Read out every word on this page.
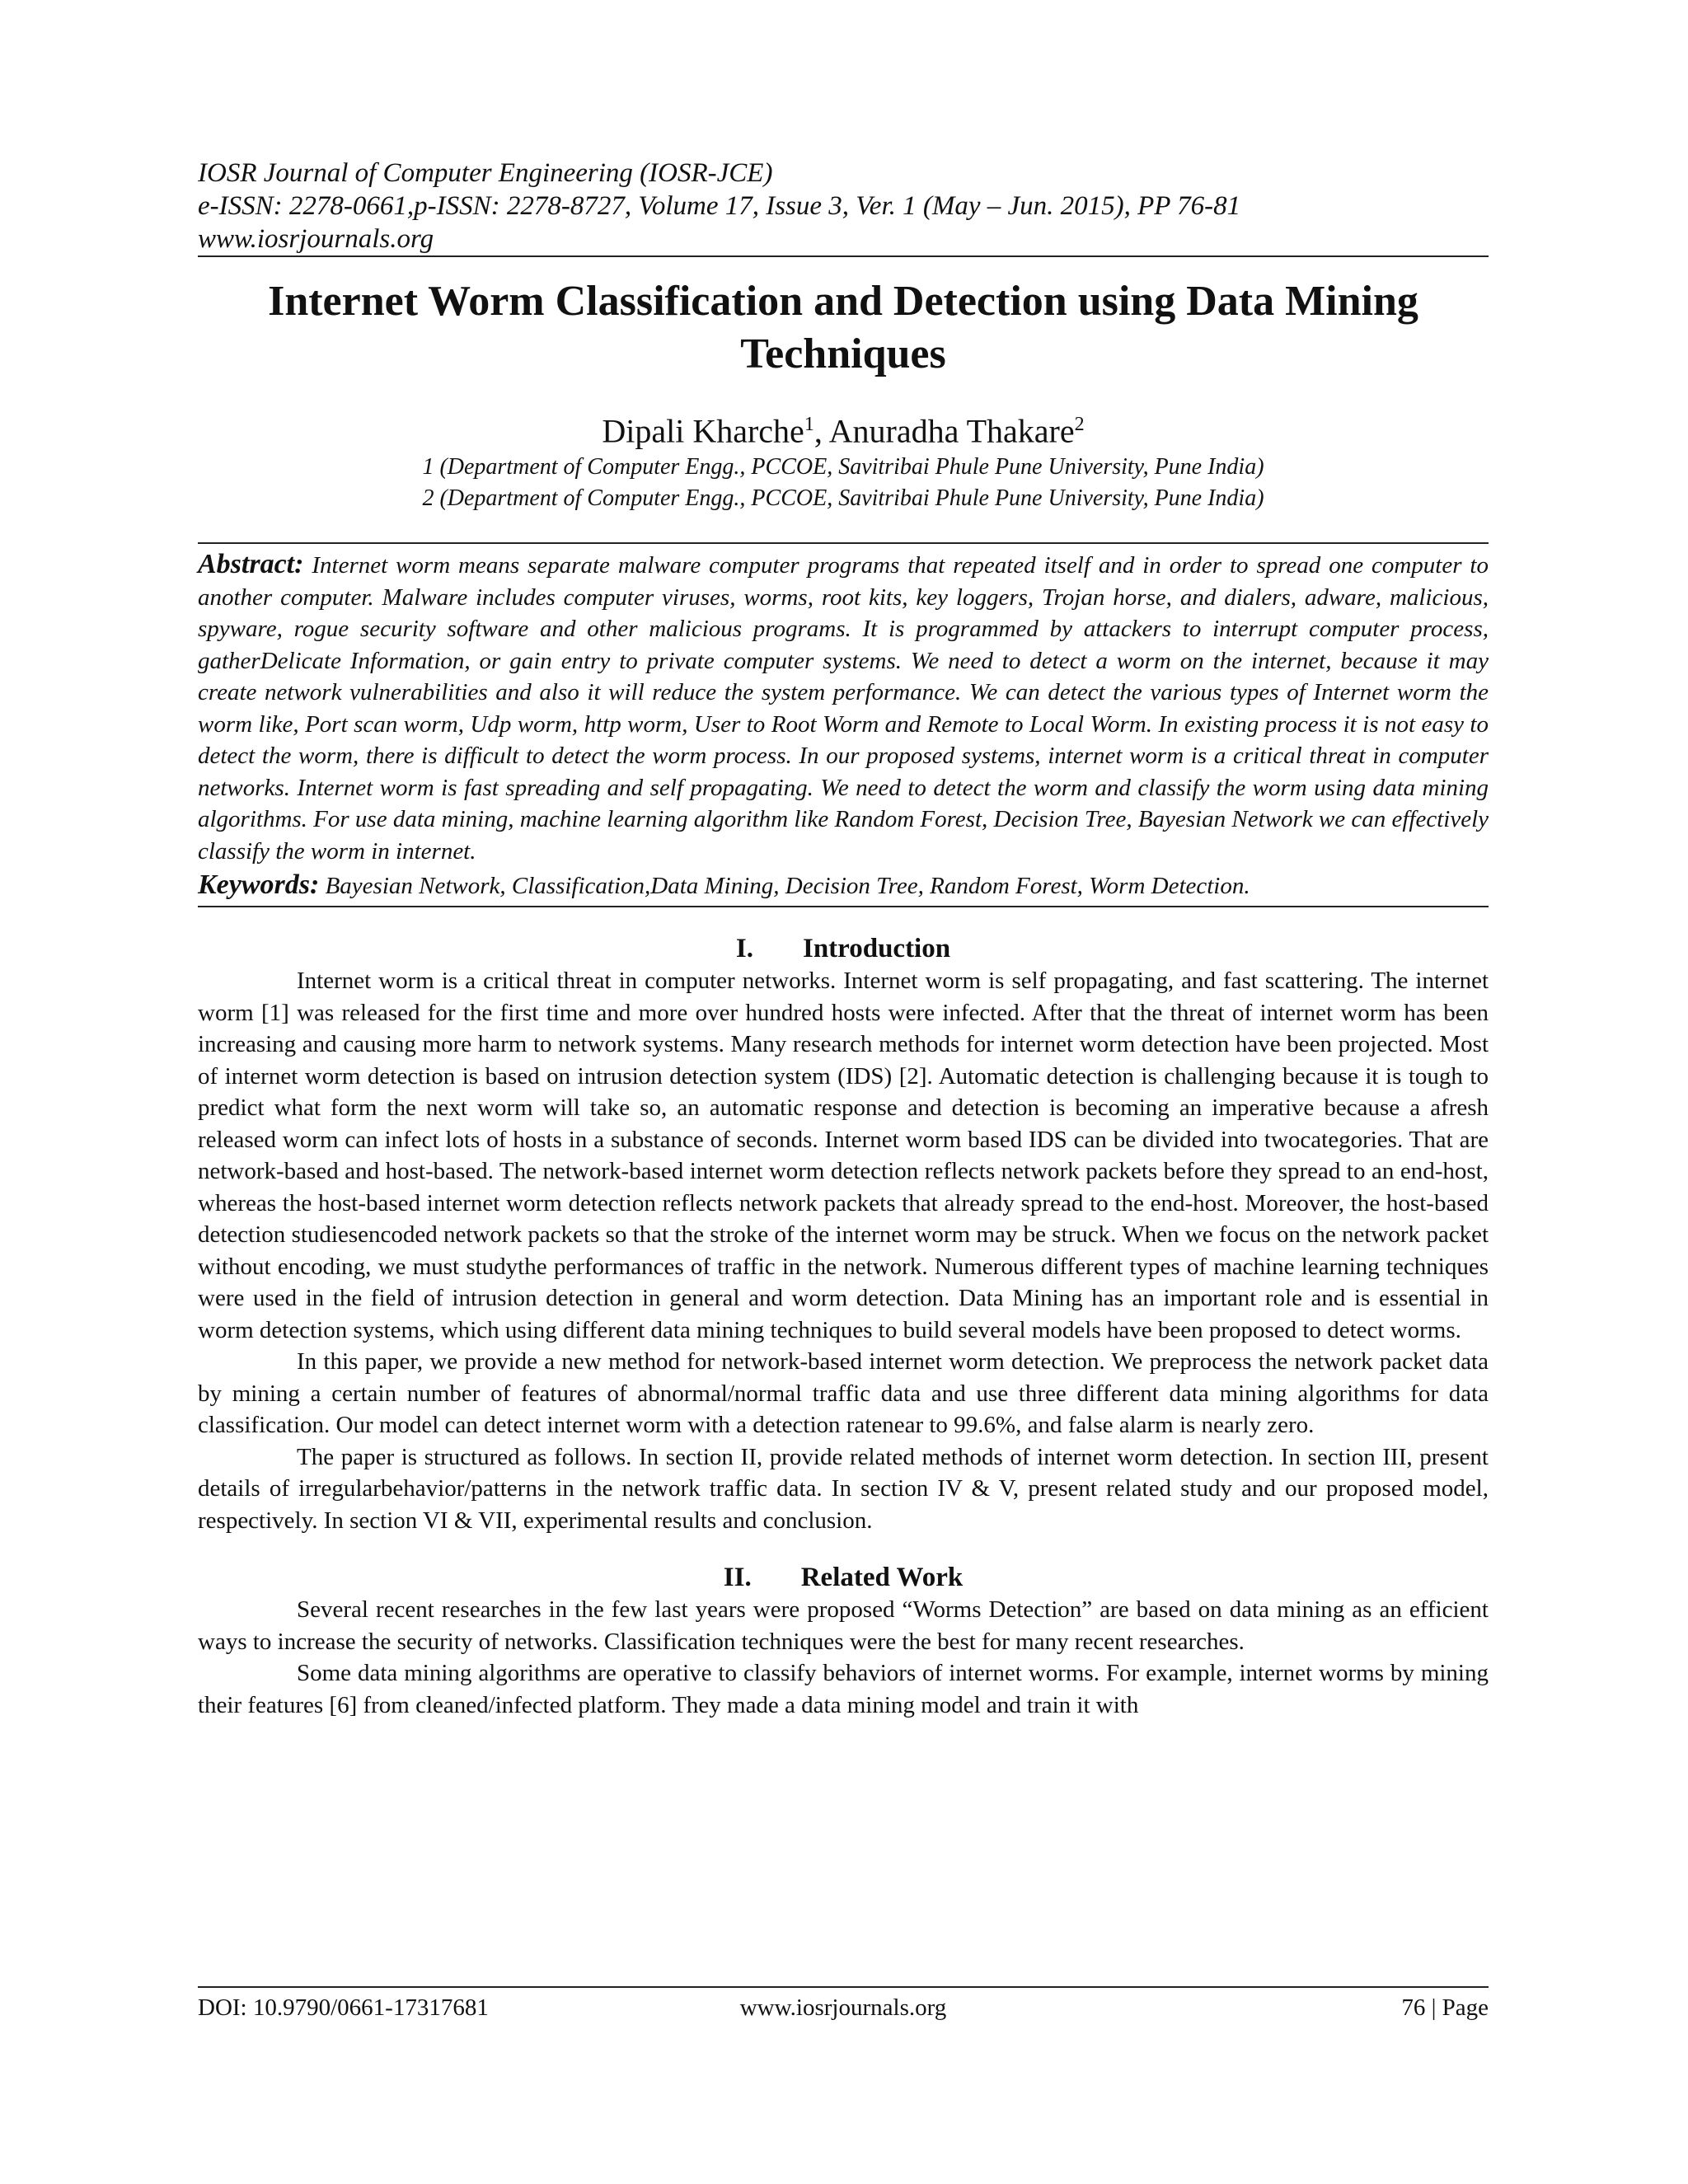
IOSR Journal of Computer Engineering (IOSR-JCE)
e-ISSN: 2278-0661,p-ISSN: 2278-8727, Volume 17, Issue 3, Ver. 1 (May – Jun. 2015), PP 76-81
www.iosrjournals.org
Internet Worm Classification and Detection using Data Mining Techniques
Dipali Kharche$^1$, Anuradha Thakare$^2$
1 (Department of Computer Engg., PCCOE, Savitribai Phule Pune University, Pune India)
2 (Department of Computer Engg., PCCOE, Savitribai Phule Pune University, Pune India)

Abstract: Internet worm means separate malware computer programs that repeated itself and in order to spread one computer to another computer. Malware includes computer viruses, worms, root kits, key loggers, Trojan horse, and dialers, adware, malicious, spyware, rogue security software and other malicious programs. It is programmed by attackers to interrupt computer process, gatherDelicate Information, or gain entry to private computer systems. We need to detect a worm on the internet, because it may create network vulnerabilities and also it will reduce the system performance. We can detect the various types of Internet worm the worm like, Port scan worm, Udp worm, http worm, User to Root Worm and Remote to Local Worm. In existing process it is not easy to detect the worm, there is difficult to detect the worm process. In our proposed systems, internet worm is a critical threat in computer networks. Internet worm is fast spreading and self propagating. We need to detect the worm and classify the worm using data mining algorithms. For use data mining, machine learning algorithm like Random Forest, Decision Tree, Bayesian Network we can effectively classify the worm in internet.

Keywords: Bayesian Network, Classification,Data Mining, Decision Tree, Random Forest, Worm Detection.

I. Introduction

Internet worm is a critical threat in computer networks. Internet worm is self propagating, and fast scattering. The internet worm [1] was released for the first time and more over hundred hosts were infected. After that the threat of internet worm has been increasing and causing more harm to network systems. Many research methods for internet worm detection have been projected. Most of internet worm detection is based on intrusion detection system (IDS) [2]. Automatic detection is challenging because it is tough to predict what form the next worm will take so, an automatic response and detection is becoming an imperative because a afresh released worm can infect lots of hosts in a substance of seconds. Internet worm based IDS can be divided into twocategories. That are network-based and host-based. The network-based internet worm detection reflects network packets before they spread to an end-host, whereas the host-based internet worm detection reflects network packets that already spread to the end-host. Moreover, the host-based detection studiesencoded network packets so that the stroke of the internet worm may be struck. When we focus on the network packet without encoding, we must studythe performances of traffic in the network. Numerous different types of machine learning techniques were used in the field of intrusion detection in general and worm detection. Data Mining has an important role and is essential in worm detection systems, which using different data mining techniques to build several models have been proposed to detect worms.

In this paper, we provide a new method for network-based internet worm detection. We preprocess the network packet data by mining a certain number of features of abnormal/normal traffic data and use three different data mining algorithms for data classification. Our model can detect internet worm with a detection ratenear to 99.6%, and false alarm is nearly zero.

The paper is structured as follows. In section II, provide related methods of internet worm detection. In section III, present details of irregularbehavior/patterns in the network traffic data. In section IV & V, present related study and our proposed model, respectively. In section VI & VII, experimental results and conclusion.

II. Related Work

Several recent researches in the few last years were proposed “Worms Detection” are based on data mining as an efficient ways to increase the security of networks. Classification techniques were the best for many recent researches.

Some data mining algorithms are operative to classify behaviors of internet worms. For example, internet worms by mining their features [6] from cleaned/infected platform. They made a data mining model and train it with

DOI: 10.9790/0661-17317681	www.iosrjournals.org	76 | Page
